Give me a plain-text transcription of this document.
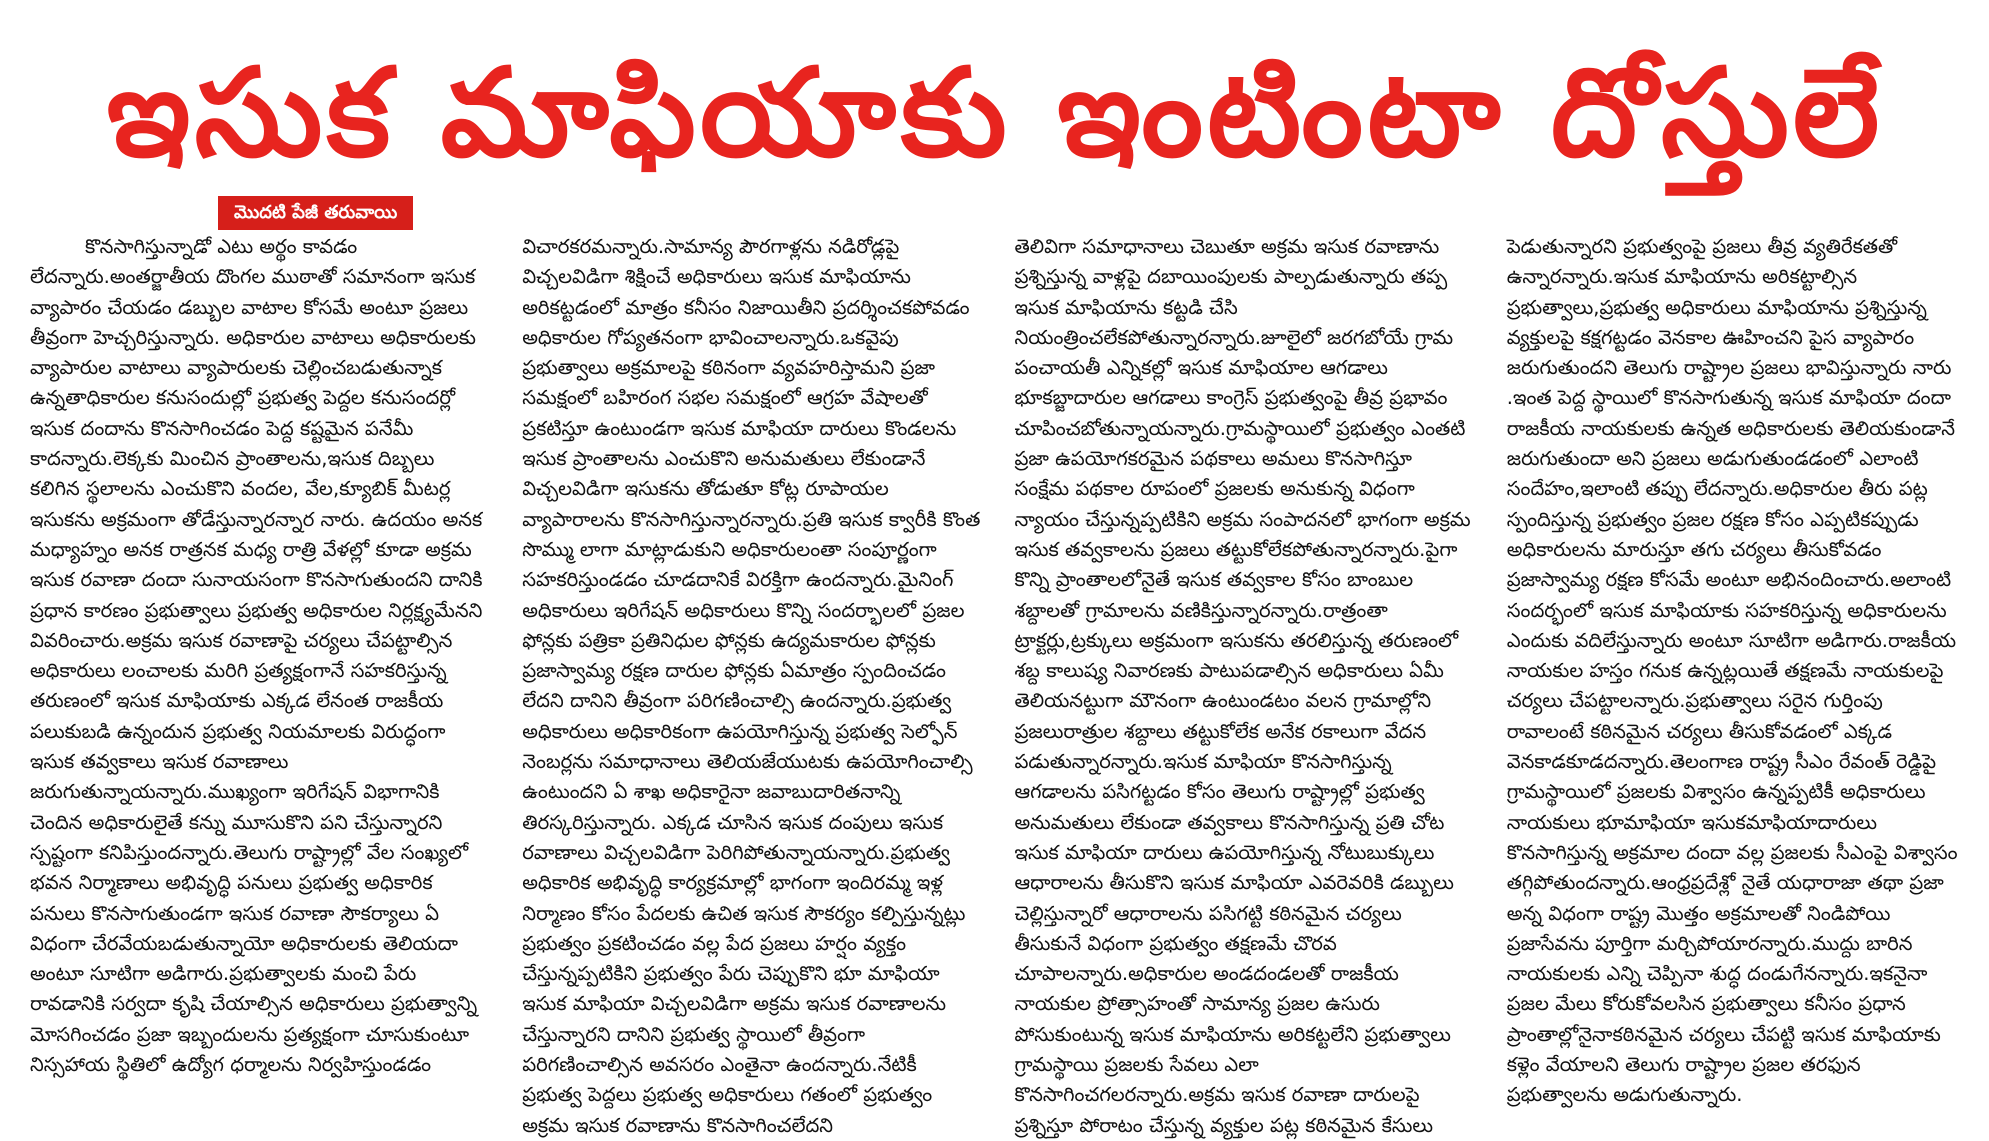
ఇసుక మాఫియాకు ఇంటింటా దోస్తులే
మొదటి పేజీ తరువాయి

కొనసాగిస్తున్నాడో ఎటు అర్థం కావడం లేదన్నారు.అంతర్జాతీయ దొంగల ముఠాతో సమానంగా ఇసుక వ్యాపారం చేయడం డబ్బుల వాటాల కోసమే అంటూ ప్రజలు తీవ్రంగా హెచ్చరిస్తున్నారు. అధికారుల వాటాలు అధికారులకు వ్యాపారుల వాటాలు వ్యాపారులకు చెల్లించబడుతున్నాక ఉన్నతాధికారుల కనుసందుల్లో ప్రభుత్వ పెద్దల కనుసందర్లో ఇసుక దందాను కొనసాగించడం పెద్ద కష్టమైన పనేమీ కాదన్నారు.లెక్కకు మించిన ప్రాంతాలను,ఇసుక దిబ్బలు కలిగిన స్థలాలను ఎంచుకొని వందల, వేల,క్యూబిక్ మీటర్ల ఇసుకను అక్రమంగా తోడేస్తున్నారన్నార నారు. ఉదయం అనక మధ్యాహ్నం అనక రాత్రనక మధ్య రాత్రి వేళల్లో కూడా అక్రమ ఇసుక రవాణా దందా సునాయసంగా కొనసాగుతుందని దానికి ప్రధాన కారణం ప్రభుత్వాలు ప్రభుత్వ అధికారుల నిర్లక్ష్యమేనని వివరించారు.అక్రమ ఇసుక రవాణాపై చర్యలు చేపట్టాల్సిన అధికారులు లంచాలకు మరిగి ప్రత్యక్షంగానే సహకరిస్తున్న తరుణంలో ఇసుక మాఫియాకు ఎక్కడ లేనంత రాజకీయ పలుకుబడి ఉన్నందున ప్రభుత్వ నియమాలకు విరుద్ధంగా ఇసుక తవ్వకాలు ఇసుక రవాణాలు జరుగుతున్నాయన్నారు.ముఖ్యంగా ఇరిగేషన్ విభాగానికి చెందిన అధికారులైతే కన్ను మూసుకొని పని చేస్తున్నారని స్పష్టంగా కనిపిస్తుందన్నారు.తెలుగు రాష్ట్రాల్లో వేల సంఖ్యలో భవన నిర్మాణాలు అభివృద్ధి పనులు ప్రభుత్వ అధికారిక పనులు కొనసాగుతుండగా ఇసుక రవాణా సౌకర్యాలు ఏ విధంగా చేరవేయబడుతున్నాయో అధికారులకు తెలియదా అంటూ సూటిగా అడిగారు.ప్రభుత్వాలకు మంచి పేరు రావడానికి సర్వదా కృషి చేయాల్సిన అధికారులు ప్రభుత్వాన్ని మోసగించడం ప్రజా ఇబ్బందులను ప్రత్యక్షంగా చూసుకుంటూ నిస్సహాయ స్థితిలో ఉద్యోగ ధర్మాలను నిర్వహిస్తుండడం

విచారకరమన్నారు.సామాన్య పౌరగాళ్లను నడిరోడ్లపై విచ్చలవిడిగా శిక్షించే అధికారులు ఇసుక మాఫియాను అరికట్టడంలో మాత్రం కనీసం నిజాయితీని ప్రదర్శించకపోవడం అధికారుల గోప్యతనంగా భావించాలన్నారు.ఒకవైపు ప్రభుత్వాలు అక్రమాలపై కఠినంగా వ్యవహరిస్తామని ప్రజా సమక్షంలో బహిరంగ సభల సమక్షంలో ఆగ్రహ వేషాలతో ప్రకటిస్తూ ఉంటుండగా ఇసుక మాఫియా దారులు కొండలను ఇసుక ప్రాంతాలను ఎంచుకొని అనుమతులు లేకుండానే విచ్చలవిడిగా ఇసుకను తోడుతూ కోట్ల రూపాయల వ్యాపారాలను కొనసాగిస్తున్నారన్నారు.ప్రతి ఇసుక క్వారీకి కొంత సొమ్ము లాగా మాట్లాడుకుని అధికారులంతా సంపూర్ణంగా సహకరిస్తుండడం చూడదానికే విరక్తిగా ఉందన్నారు.మైనింగ్ అధికారులు ఇరిగేషన్ అధికారులు కొన్ని సందర్భాలలో ప్రజల ఫోన్లకు పత్రికా ప్రతినిధుల ఫోన్లకు ఉద్యమకారుల ఫోన్లకు ప్రజాస్వామ్య రక్షణ దారుల ఫోన్లకు ఏమాత్రం స్పందించడం లేదని దానిని తీవ్రంగా పరిగణించాల్సి ఉందన్నారు.ప్రభుత్వ అధికారులు అధికారికంగా ఉపయోగిస్తున్న ప్రభుత్వ సెల్ఫోన్ నెంబర్లను సమాధానాలు తెలియజేయుటకు ఉపయోగించాల్సి ఉంటుందని ఏ శాఖ అధికారైనా జవాబుదారితనాన్ని తిరస్కరిస్తున్నారు. ఎక్కడ చూసిన ఇసుక దంపులు ఇసుక రవాణాలు విచ్చలవిడిగా పెరిగిపోతున్నాయన్నారు.ప్రభుత్వ అధికారిక అభివృద్ధి కార్యక్రమాల్లో భాగంగా ఇందిరమ్మ ఇళ్ల నిర్మాణం కోసం పేదలకు ఉచిత ఇసుక సౌకర్యం కల్పిస్తున్నట్లు ప్రభుత్వం ప్రకటించడం వల్ల పేద ప్రజలు హర్షం వ్యక్తం చేస్తున్నప్పటికిని ప్రభుత్వం పేరు చెప్పుకొని భూ మాఫియా ఇసుక మాఫియా విచ్చలవిడిగా అక్రమ ఇసుక రవాణాలను చేస్తున్నారని దానిని ప్రభుత్వ స్థాయిలో తీవ్రంగా పరిగణించాల్సిన అవసరం ఎంతైనా ఉందన్నారు.నేటికీ ప్రభుత్వ పెద్దలు ప్రభుత్వ అధికారులు గతంలో ప్రభుత్వం అక్రమ ఇసుక రవాణాను కొనసాగించలేదని

తెలివిగా సమాధానాలు చెబుతూ అక్రమ ఇసుక రవాణాను ప్రశ్నిస్తున్న వాళ్లపై దబాయింపులకు పాల్పడుతున్నారు తప్ప ఇసుక మాఫియాను కట్టడి చేసి నియంత్రించలేకపోతున్నారన్నారు.జూలైలో జరగబోయే గ్రామ పంచాయతీ ఎన్నికల్లో ఇసుక మాఫియాల ఆగడాలు భూకబ్జాదారుల ఆగడాలు కాంగ్రెస్ ప్రభుత్వంపై తీవ్ర ప్రభావం చూపించబోతున్నాయన్నారు.గ్రామస్థాయిలో ప్రభుత్వం ఎంతటి ప్రజా ఉపయోగకరమైన పథకాలు అమలు కొనసాగిస్తూ సంక్షేమ పథకాల రూపంలో ప్రజలకు అనుకున్న విధంగా న్యాయం చేస్తున్నప్పటికిని అక్రమ సంపాదనలో భాగంగా అక్రమ ఇసుక తవ్వకాలను ప్రజలు తట్టుకోలేకపోతున్నారన్నారు.పైగా కొన్ని ప్రాంతాలలోనైతే ఇసుక తవ్వకాల కోసం బాంబుల శబ్దాలతో గ్రామాలను వణికిస్తున్నారన్నారు.రాత్రంతా ట్రాక్టర్లు,ట్రక్కులు అక్రమంగా ఇసుకను తరలిస్తున్న తరుణంలో శబ్ద కాలుష్య నివారణకు పాటుపడాల్సిన అధికారులు ఏమీ తెలియనట్టుగా మౌనంగా ఉంటుండటం వలన గ్రామాల్లోని ప్రజలురాత్రుల శబ్దాలు తట్టుకోలేక అనేక రకాలుగా వేదన పడుతున్నారన్నారు.ఇసుక మాఫియా కొనసాగిస్తున్న ఆగడాలను పసిగట్టడం కోసం తెలుగు రాష్ట్రాల్లో ప్రభుత్వ అనుమతులు లేకుండా తవ్వకాలు కొనసాగిస్తున్న ప్రతి చోట ఇసుక మాఫియా దారులు ఉపయోగిస్తున్న నోటుబుక్కులు ఆధారాలను తీసుకొని ఇసుక మాఫియా ఎవరెవరికి డబ్బులు చెల్లిస్తున్నారో ఆధారాలను పసిగట్టి కఠినమైన చర్యలు తీసుకునే విధంగా ప్రభుత్వం తక్షణమే చొరవ చూపాలన్నారు.అధికారుల అండదండలతో రాజకీయ నాయకుల ప్రోత్సాహంతో సామాన్య ప్రజల ఉసురు పోసుకుంటున్న ఇసుక మాఫియాను అరికట్టలేని ప్రభుత్వాలు గ్రామస్థాయి ప్రజలకు సేవలు ఎలా కొనసాగించగలరన్నారు.అక్రమ ఇసుక రవాణా దారులపై ప్రశ్నిస్తూ పోరాటం చేస్తున్న వ్యక్తుల పట్ల కఠినమైన కేసులు

పెడుతున్నారని ప్రభుత్వంపై ప్రజలు తీవ్ర వ్యతిరేకతతో ఉన్నారన్నారు.ఇసుక మాఫియాను అరికట్టాల్సిన ప్రభుత్వాలు,ప్రభుత్వ అధికారులు మాఫియాను ప్రశ్నిస్తున్న వ్యక్తులపై కక్షగట్టడం వెనకాల ఊహించని పైస వ్యాపారం జరుగుతుందని తెలుగు రాష్ట్రాల ప్రజలు భావిస్తున్నారు నారు .ఇంత పెద్ద స్థాయిలో కొనసాగుతున్న ఇసుక మాఫియా దందా రాజకీయ నాయకులకు ఉన్నత అధికారులకు తెలియకుండానే జరుగుతుందా అని ప్రజలు అడుగుతుండడంలో ఎలాంటి సందేహం,ఇలాంటి తప్పు లేదన్నారు.అధికారుల తీరు పట్ల స్పందిస్తున్న ప్రభుత్వం ప్రజల రక్షణ కోసం ఎప్పటికప్పుడు అధికారులను మారుస్తూ తగు చర్యలు తీసుకోవడం ప్రజాస్వామ్య రక్షణ కోసమే అంటూ అభినందించారు.అలాంటి సందర్భంలో ఇసుక మాఫియాకు సహకరిస్తున్న అధికారులను ఎందుకు వదిలేస్తున్నారు అంటూ సూటిగా అడిగారు.రాజకీయ నాయకుల హస్తం గనుక ఉన్నట్లయితే తక్షణమే నాయకులపై చర్యలు చేపట్టాలన్నారు.ప్రభుత్వాలు సరైన గుర్తింపు రావాలంటే కఠినమైన చర్యలు తీసుకోవడంలో ఎక్కడ వెనకాడకూడదన్నారు.తెలంగాణ రాష్ట్ర సీఎం రేవంత్ రెడ్డిపై గ్రామస్థాయిలో ప్రజలకు విశ్వాసం ఉన్నప్పటికీ అధికారులు నాయకులు భూమాఫియా ఇసుకమాఫియాదారులు కొనసాగిస్తున్న అక్రమాల దందా వల్ల ప్రజలకు సీఎంపై విశ్వాసం తగ్గిపోతుందన్నారు.ఆంధ్రప్రదేశ్లో నైతే యధారాజా తథా ప్రజా అన్న విధంగా రాష్ట్ర మొత్తం అక్రమాలతో నిండిపోయి ప్రజాసేవను పూర్తిగా మర్చిపోయారన్నారు.ముద్దు బారిన నాయకులకు ఎన్ని చెప్పినా శుద్ధ దండుగేనన్నారు.ఇకనైనా ప్రజల మేలు కోరుకోవలసిన ప్రభుత్వాలు కనీసం ప్రధాన ప్రాంతాల్లోనైనాకఠినమైన చర్యలు చేపట్టి ఇసుక మాఫియాకు కళ్లెం వేయాలని తెలుగు రాష్ట్రాల ప్రజల తరఫున ప్రభుత్వాలను అడుగుతున్నారు.
